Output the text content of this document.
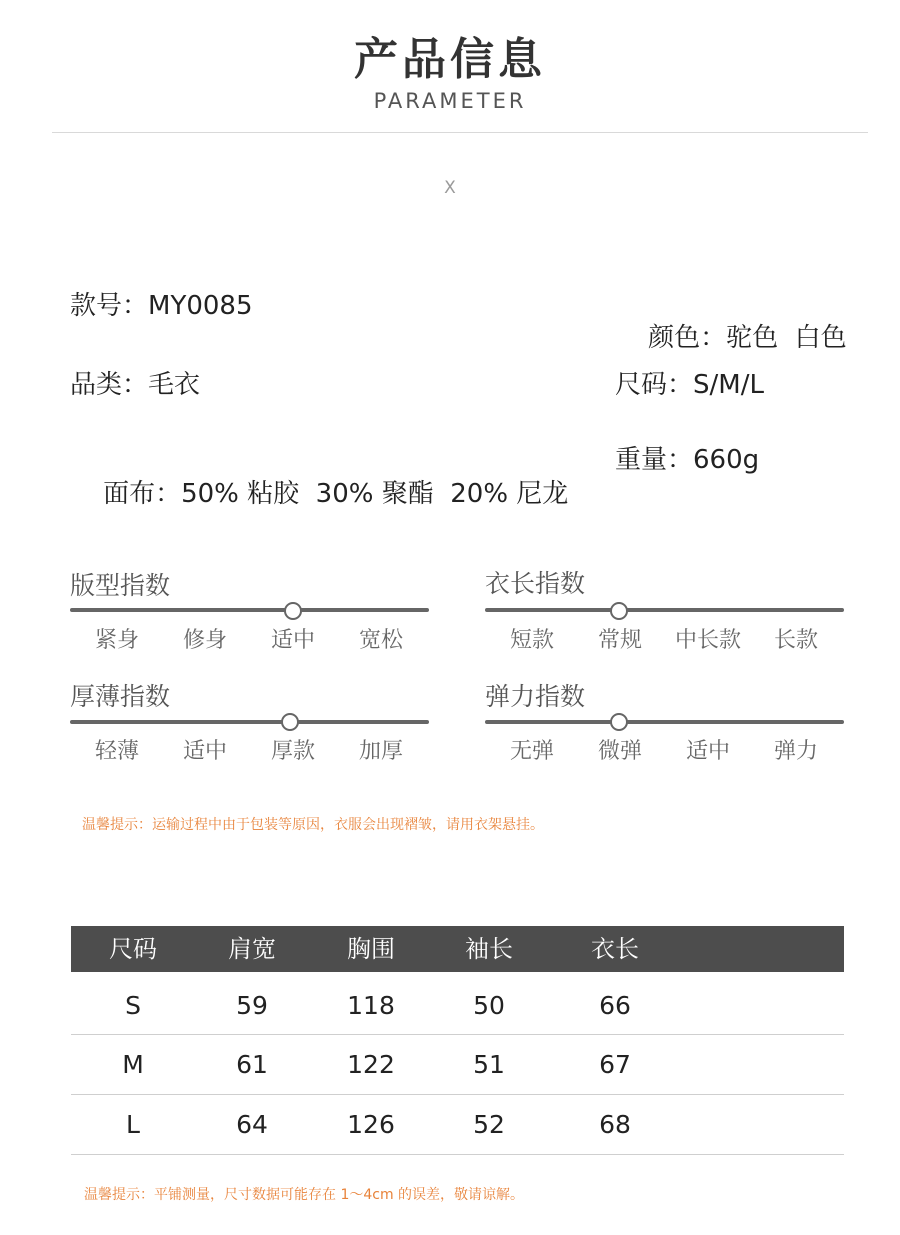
产品信息
PARAMETER
X
款号：MY0085
品类：毛衣

面布：50% 粘胶  30% 聚酯  20% 尼龙

颜色：驼色  白色

尺码：S/M/L
重量：660g
版型指数
紧身	修身	适中	宽松
衣长指数
短款	常规	中长款	长款
厚薄指数
轻薄	适中	厚款	加厚
弹力指数
无弹	微弹	适中	弹力
温馨提示：运输过程中由于包装等原因，衣服会出现褶皱，请用衣架悬挂。
尺码	肩宽	胸围	袖长	衣长
S	59	118	50	66
M	61	122	51	67
L	64	126	52	68
温馨提示：平铺测量，尺寸数据可能存在 1～4cm 的误差，敬请谅解。
